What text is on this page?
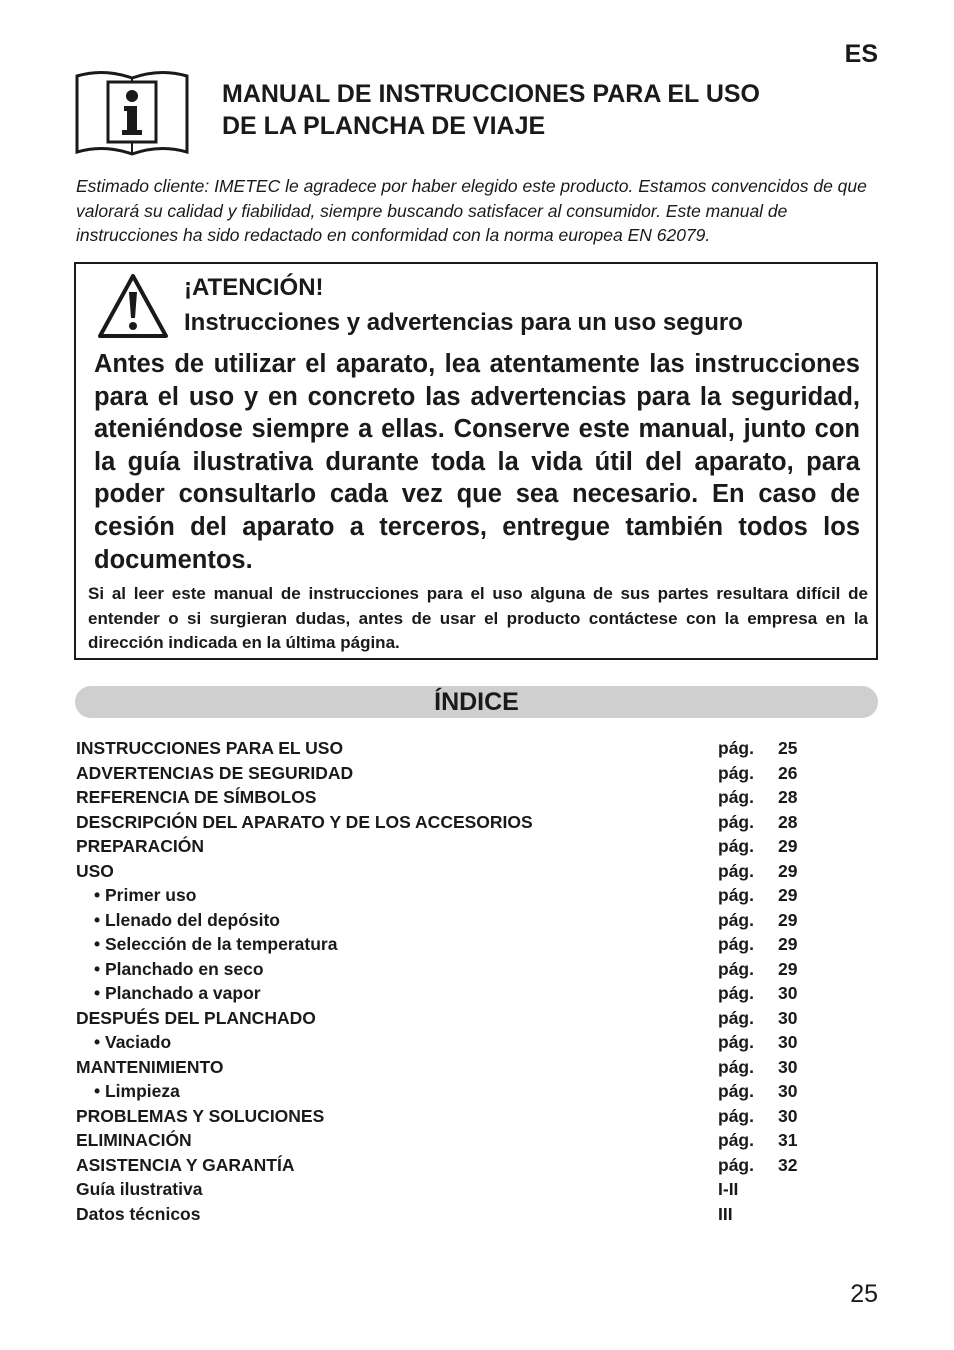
ES
MANUAL DE INSTRUCCIONES PARA EL USO
DE LA PLANCHA DE VIAJE
Estimado cliente: IMETEC le agradece por haber elegido este producto. Estamos convencidos de que valorará su calidad y fiabilidad, siempre buscando satisfacer al consumidor. Este manual de instrucciones ha sido redactado en conformidad con la norma europea EN 62079.
¡ATENCIÓN!
Instrucciones y advertencias para un uso seguro
Antes de utilizar el aparato, lea atentamente las instrucciones para el uso y en concreto las advertencias para la seguridad, ateniéndose siempre a ellas. Conserve este manual, junto con la guía ilustrativa durante toda la vida útil del aparato, para poder consultarlo cada vez que sea necesario. En caso de cesión del aparato a terceros, entregue también todos los documentos.
Si al leer este manual de instrucciones para el uso alguna de sus partes resultara difícil de entender o si surgieran dudas, antes de usar el producto contáctese con la empresa en la dirección indicada en la última página.
ÍNDICE
INSTRUCCIONES PARA EL USO	pág. 25
ADVERTENCIAS DE SEGURIDAD	pág. 26
REFERENCIA DE SÍMBOLOS	pág. 28
DESCRIPCIÓN DEL APARATO Y DE LOS ACCESORIOS	pág. 28
PREPARACIÓN	pág. 29
USO	pág. 29
• Primer uso	pág. 29
• Llenado del depósito	pág. 29
• Selección de la temperatura	pág. 29
• Planchado en seco	pág. 29
• Planchado a vapor	pág. 30
DESPUÉS DEL PLANCHADO	pág. 30
• Vaciado	pág. 30
MANTENIMIENTO	pág. 30
• Limpieza	pág. 30
PROBLEMAS Y SOLUCIONES	pág. 30
ELIMINACIÓN	pág. 31
ASISTENCIA Y GARANTÍA	pág. 32
Guía ilustrativa	I-II
Datos técnicos	III
25
